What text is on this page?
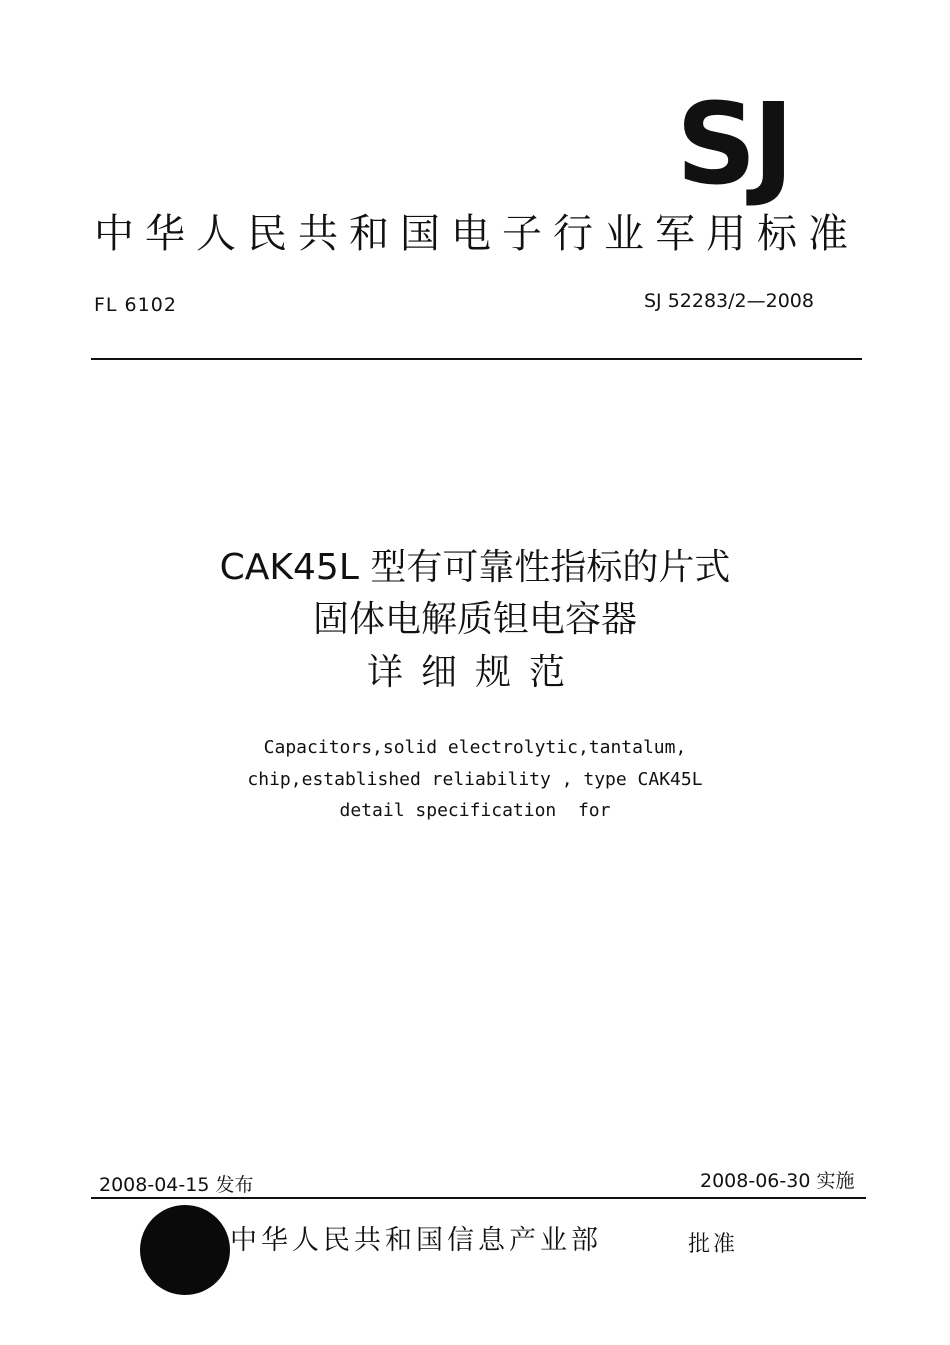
SJ
中华人民共和国电子行业军用标准
FL 6102	SJ 52283/2—2008
CAK45L 型有可靠性指标的片式
固体电解质钽电容器
详细规范
Capacitors,solid electrolytic,tantalum,
chip,established reliability , type CAK45L
detail specification  for
2008-04-15 发布	2008-06-30 实施
中华人民共和国信息产业部	批准
